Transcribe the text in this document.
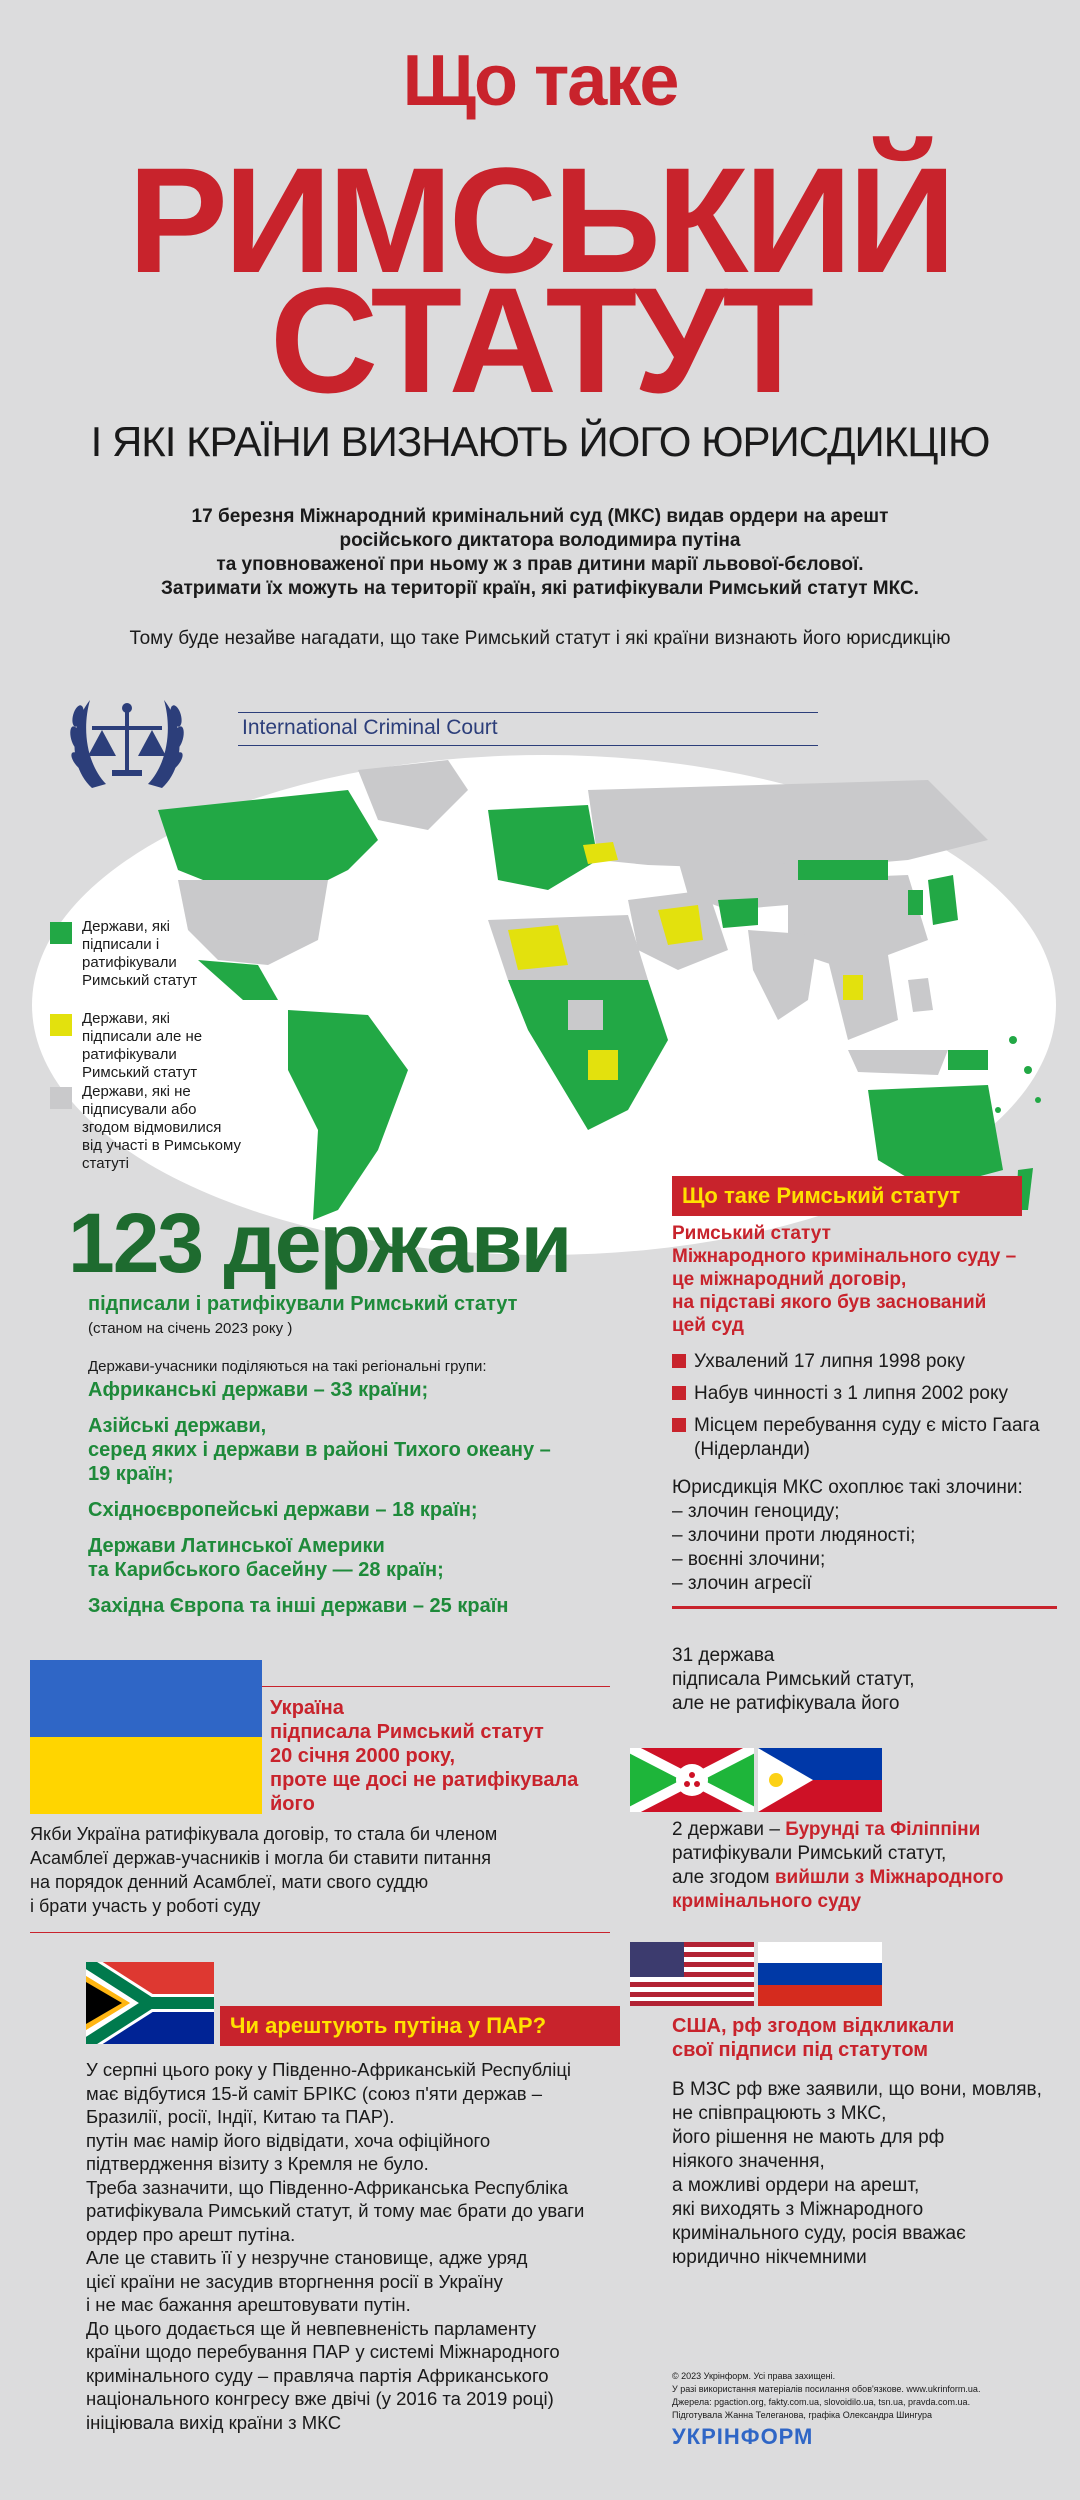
Що таке
РИМСЬКИЙ
СТАТУТ
І ЯКІ КРАЇНИ ВИЗНАЮТЬ ЙОГО ЮРИСДИКЦІЮ
17 березня Міжнародний кримінальний суд (МКС) видав ордери на арешт
російського диктатора володимира путіна
та уповноваженої при ньому ж з прав дитини марії львової-бєлової.
Затримати їх можуть на території країн, які ратифікували Римський статут МКС.
Тому буде незайве нагадати, що таке Римський статут і які країни визнають його юрисдикцію
International Criminal Court
Держави, які підписали і ратифікували Римський статут
Держави, які підписали але не ратифікували Римський статут
Держави, які не підписували або згодом відмовилися від участі в Римському статуті
123 держави
підписали і ратифікували Римський статут
(станом на січень 2023 року )
Держави-учасники поділяються на такі регіональні групи:
Африканські держави – 33 країни;
Азійські держави,
серед яких і держави в районі Тихого океану –
19 країн;
Східноєвропейські держави – 18 країн;
Держави Латинської Америки
та Карибського басейну — 28 країн;
Західна Європа та інші держави – 25 країн
Що таке Римський статут
Римський статут
Міжнародного кримінального суду –
це міжнародний договір,
на підставі якого був заснований
цей суд
Ухвалений 17 липня 1998 року
Набув чинності з 1 липня 2002 року
Місцем перебування суду є місто Гаага
(Нідерланди)
Юрисдикція МКС охоплює такі злочини:
– злочин геноциду;
– злочини проти людяності;
– воєнні злочини;
– злочин агресії
Україна
підписала Римський статут
20 січня 2000 року,
проте ще досі не ратифікувала
його
Якби Україна ратифікувала договір, то стала би членом
Асамблеї держав-учасників і могла би ставити питання
на порядок денний Асамблеї, мати свого суддю
і брати участь у роботі суду
31 держава
підписала Римський статут,
але не ратифікувала його
2 держави – Бурунді та Філіппіни
ратифікували Римський статут,
але згодом вийшли з Міжнародного
кримінального суду
США, рф згодом відкликали
свої підписи під статутом
В МЗС рф вже заявили, що вони, мовляв,
не співпрацюють з МКС,
його рішення не мають для рф
ніякого значення,
а можливі ордери на арешт,
які виходять з Міжнародного
кримінального суду, росія вважає
юридично нікчемними
Чи арештують путіна у ПАР?
У серпні цього року у Південно-Африканській Республіці
має відбутися 15-й саміт БРІКС (союз п'яти держав –
Бразилії, росії, Індії, Китаю та ПАР).
путін має намір його відвідати, хоча офіційного
підтвердження візиту з Кремля не було.
Треба зазначити, що Південно-Африканська Республіка
ратифікувала Римський статут, й тому має брати до уваги
ордер про арешт путіна.
Але це ставить її у незручне становище, адже уряд
цієї країни не засудив вторгнення росії в Україну
і не має бажання арештовувати путін.
До цього додається ще й невпевненість парламенту
країни щодо перебування ПАР у системі Міжнародного
кримінального суду – правляча партія Африканського
національного конгресу вже двічі (у 2016 та 2019 році)
ініціювала вихід країни з МКС
© 2023 Укрінформ. Усі права захищені.
У разі використання матеріалів посилання обов'язкове. www.ukrinform.ua.
Джерела: pgaction.org, fakty.com.ua, slovoidilo.ua, tsn.ua, pravda.com.ua.
Підготувала Жанна Телеганова, графіка Олександра Шингура
УКРІНФОРМ
